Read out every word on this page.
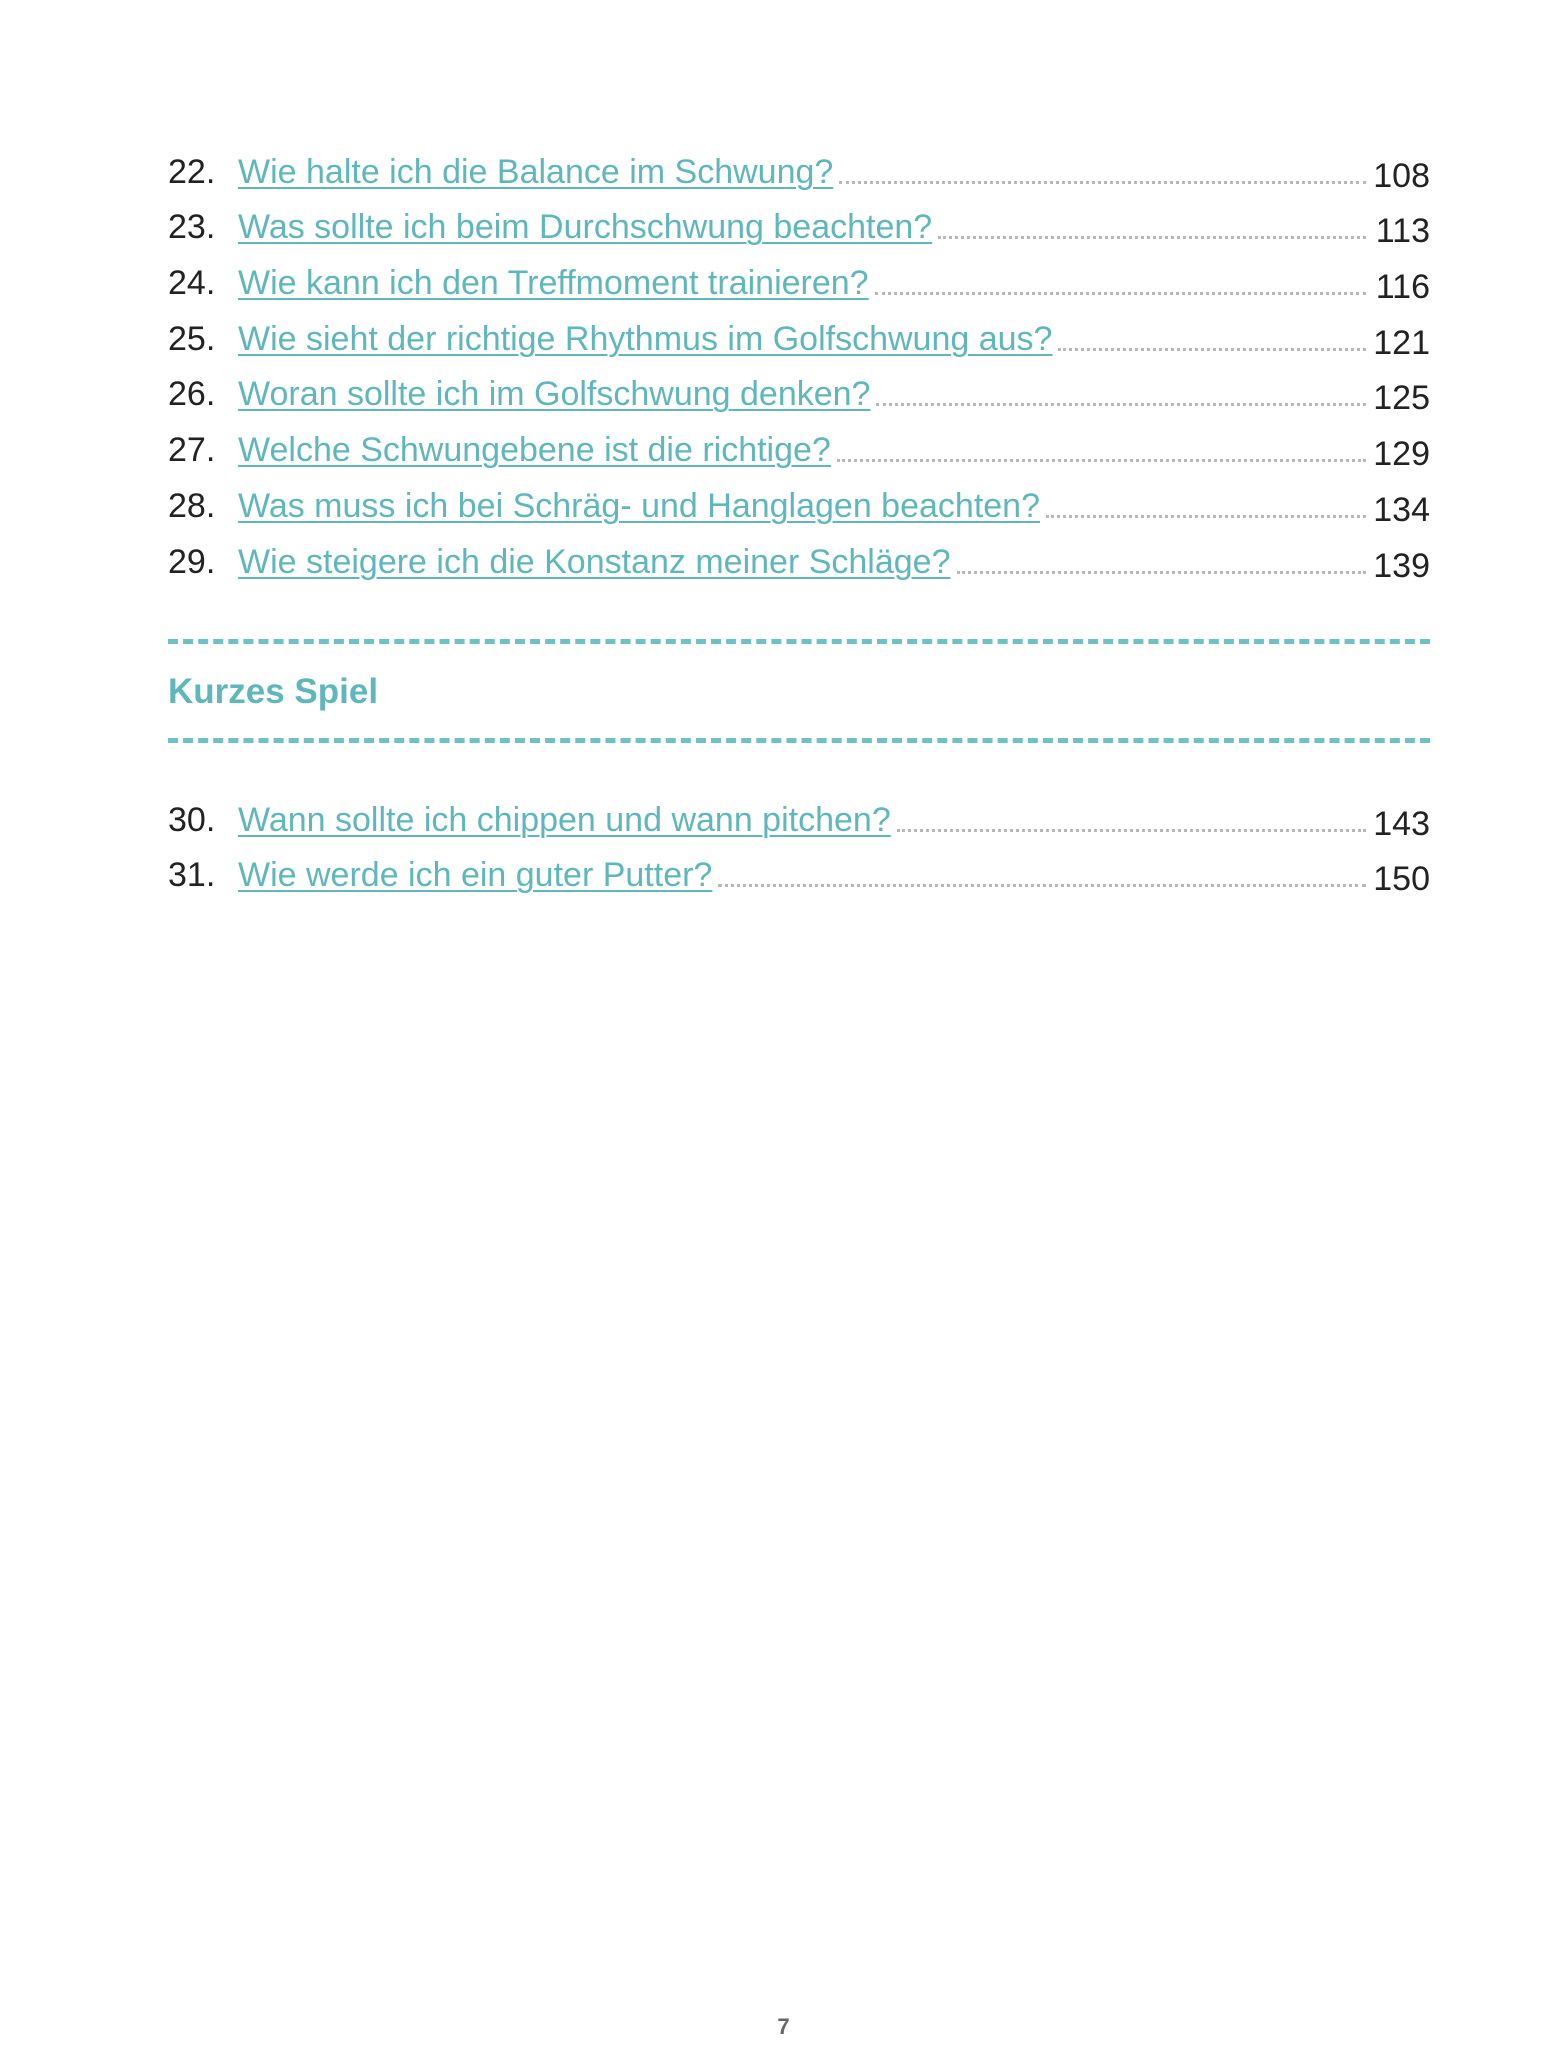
22. Wie halte ich die Balance im Schwung?	108
23. Was sollte ich beim Durchschwung beachten?	113
24. Wie kann ich den Treffmoment trainieren?	116
25. Wie sieht der richtige Rhythmus im Golfschwung aus?	121
26. Woran sollte ich im Golfschwung denken?	125
27. Welche Schwungebene ist die richtige?	129
28. Was muss ich bei Schräg- und Hanglagen beachten?	134
29. Wie steigere ich die Konstanz meiner Schläge?	139
Kurzes Spiel
30. Wann sollte ich chippen und wann pitchen?	143
31. Wie werde ich ein guter Putter?	150
7
